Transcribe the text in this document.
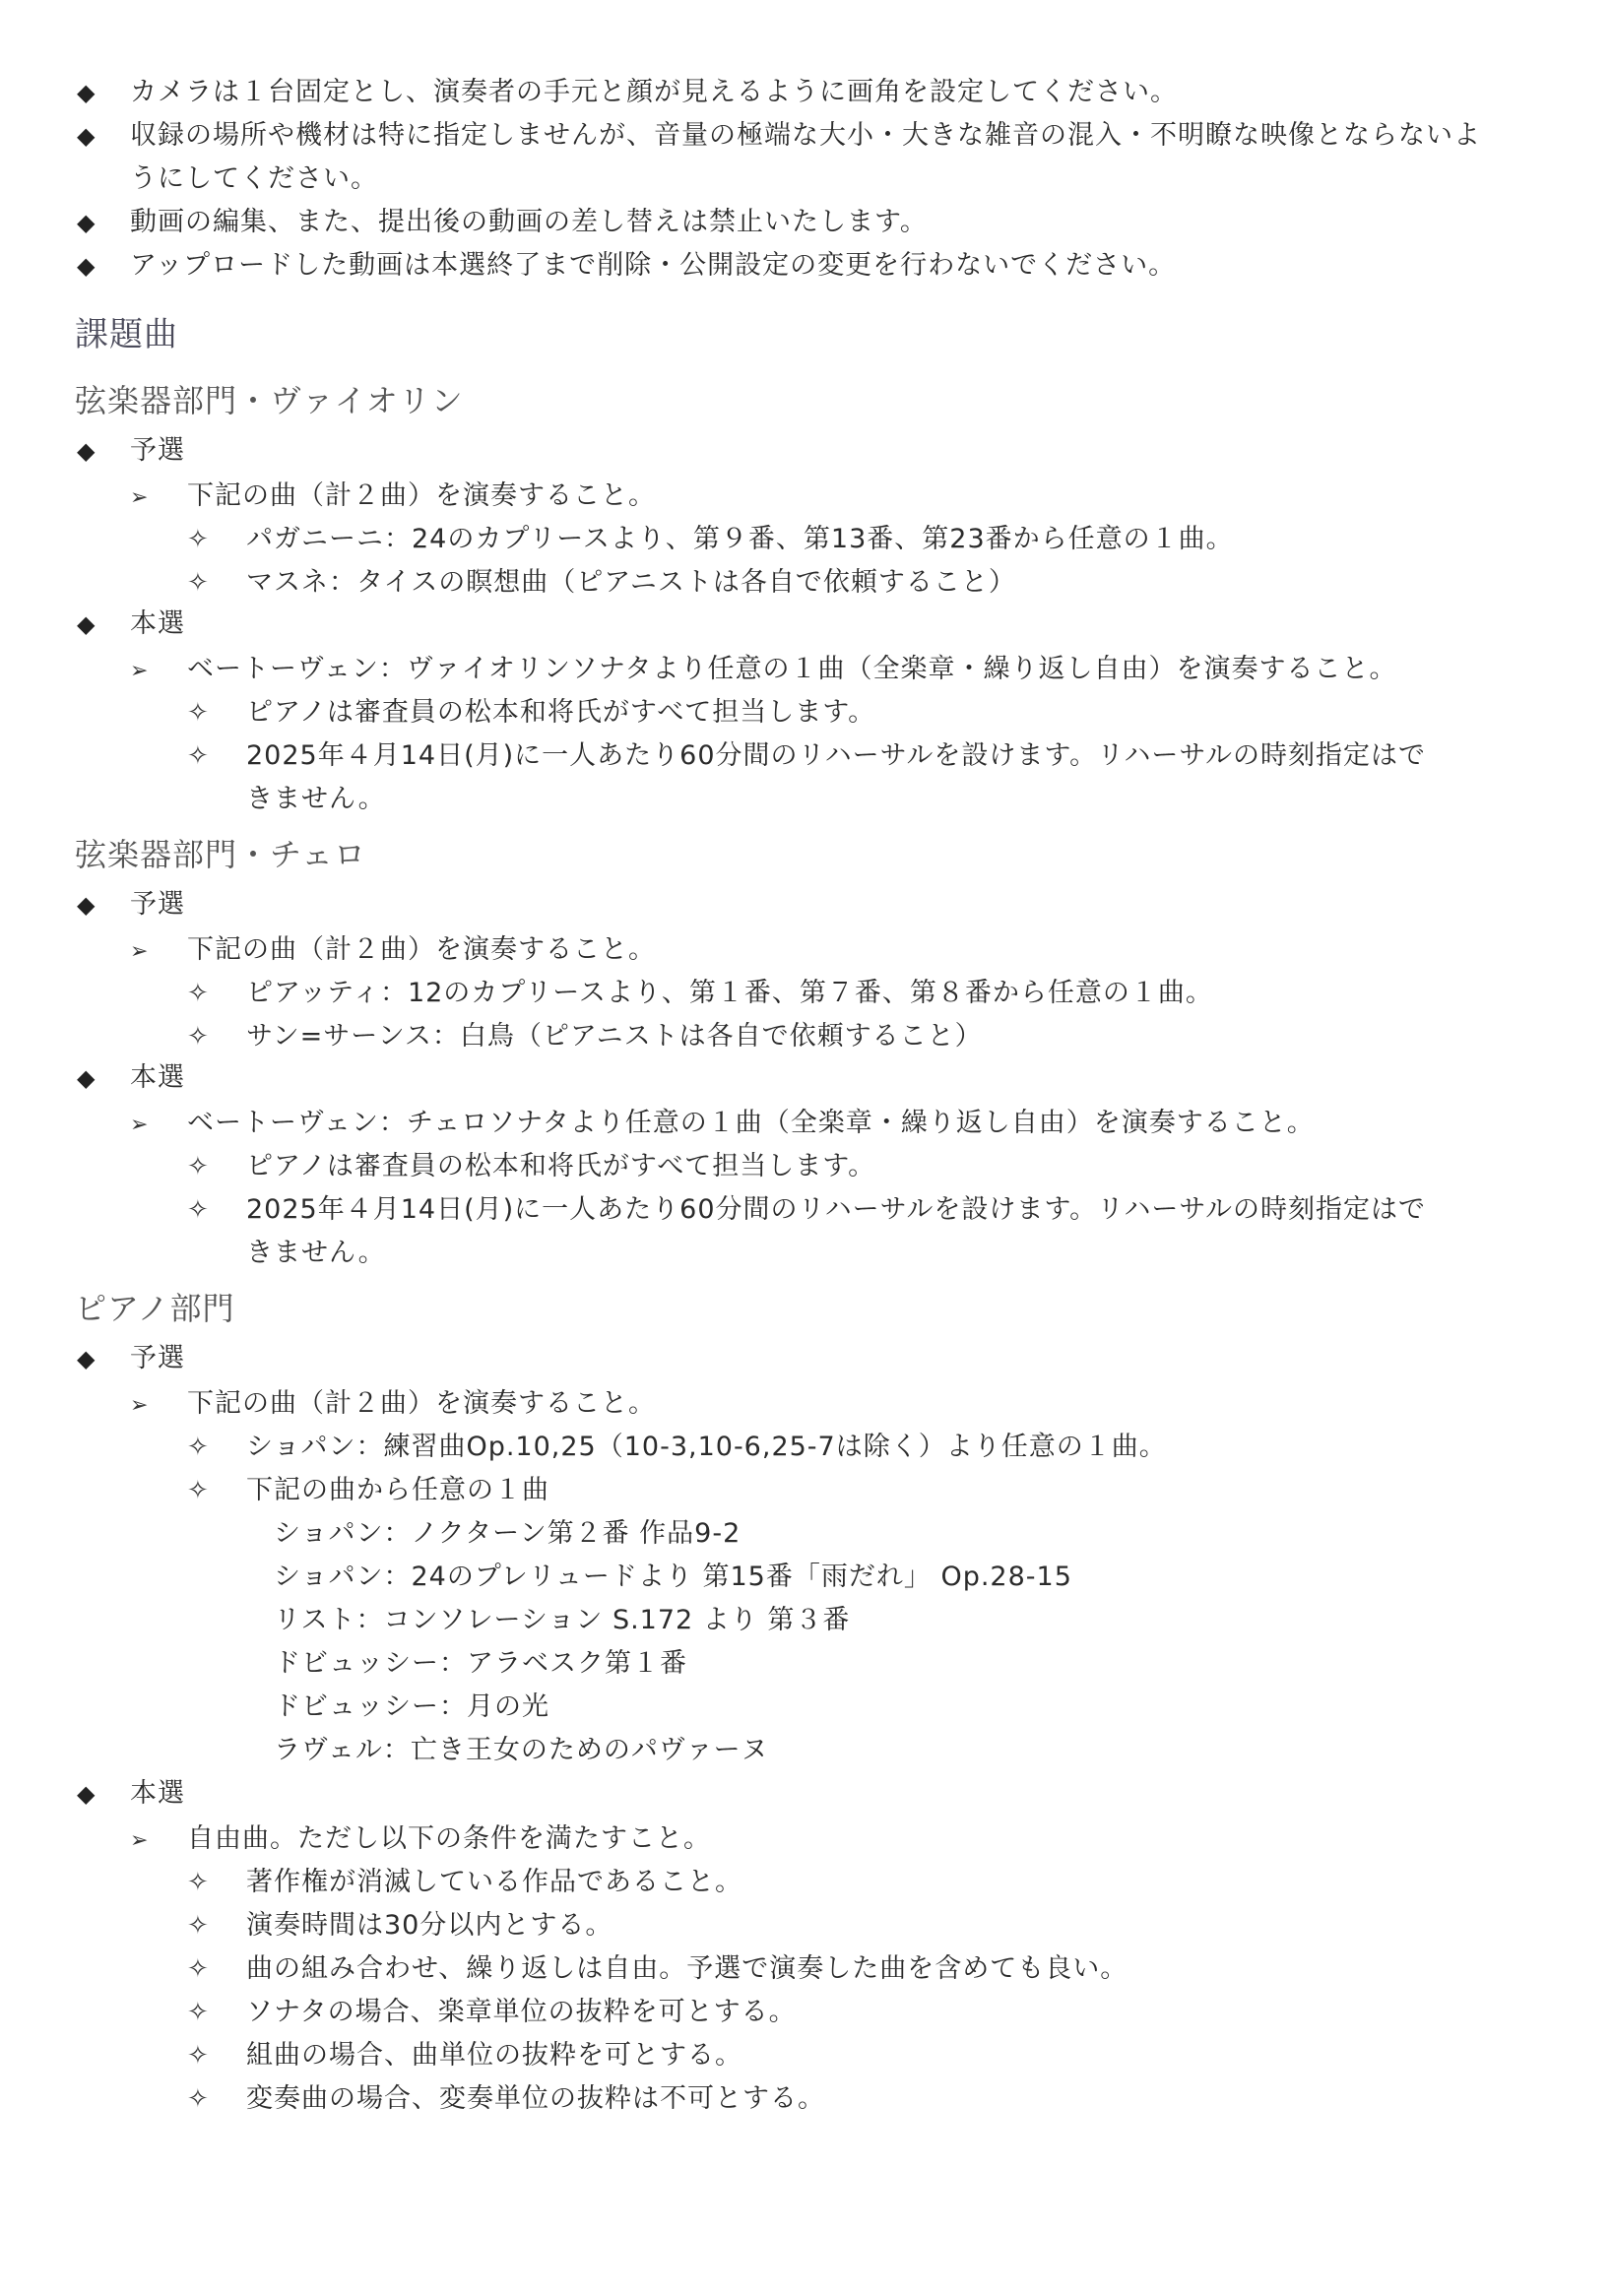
◆ カメラは１台固定とし、演奏者の手元と顔が見えるように画角を設定してください。
◆ 収録の場所や機材は特に指定しませんが、音量の極端な大小・大きな雑音の混入・不明瞭な映像とならないよ
うにしてください。
◆ 動画の編集、また、提出後の動画の差し替えは禁止いたします。
◆ アップロードした動画は本選終了まで削除・公開設定の変更を行わないでください。
課題曲
弦楽器部門・ヴァイオリン
◆ 予選
➢ 下記の曲（計２曲）を演奏すること。
✧ パガニーニ：24のカプリースより、第９番、第13番、第23番から任意の１曲。
✧ マスネ：タイスの瞑想曲（ピアニストは各自で依頼すること）
◆ 本選
➢ ベートーヴェン：ヴァイオリンソナタより任意の１曲（全楽章・繰り返し自由）を演奏すること。
✧ ピアノは審査員の松本和将氏がすべて担当します。
✧ 2025年４月14日(月)に一人あたり60分間のリハーサルを設けます。リハーサルの時刻指定はで
きません。
弦楽器部門・チェロ
◆ 予選
➢ 下記の曲（計２曲）を演奏すること。
✧ ピアッティ：12のカプリースより、第１番、第７番、第８番から任意の１曲。
✧ サン=サーンス：白鳥（ピアニストは各自で依頼すること）
◆ 本選
➢ ベートーヴェン：チェロソナタより任意の１曲（全楽章・繰り返し自由）を演奏すること。
✧ ピアノは審査員の松本和将氏がすべて担当します。
✧ 2025年４月14日(月)に一人あたり60分間のリハーサルを設けます。リハーサルの時刻指定はで
きません。
ピアノ部門
◆ 予選
➢ 下記の曲（計２曲）を演奏すること。
✧ ショパン：練習曲Op.10,25（10-3,10-6,25-7は除く）より任意の１曲。
✧ 下記の曲から任意の１曲
ショパン：ノクターン第２番 作品9-2
ショパン：24のプレリュードより 第15番「雨だれ」 Op.28-15
リスト：コンソレーション S.172 より 第３番
ドビュッシー：アラベスク第１番
ドビュッシー：月の光
ラヴェル：亡き王女のためのパヴァーヌ
◆ 本選
➢ 自由曲。ただし以下の条件を満たすこと。
✧ 著作権が消滅している作品であること。
✧ 演奏時間は30分以内とする。
✧ 曲の組み合わせ、繰り返しは自由。予選で演奏した曲を含めても良い。
✧ ソナタの場合、楽章単位の抜粋を可とする。
✧ 組曲の場合、曲単位の抜粋を可とする。
✧ 変奏曲の場合、変奏単位の抜粋は不可とする。
